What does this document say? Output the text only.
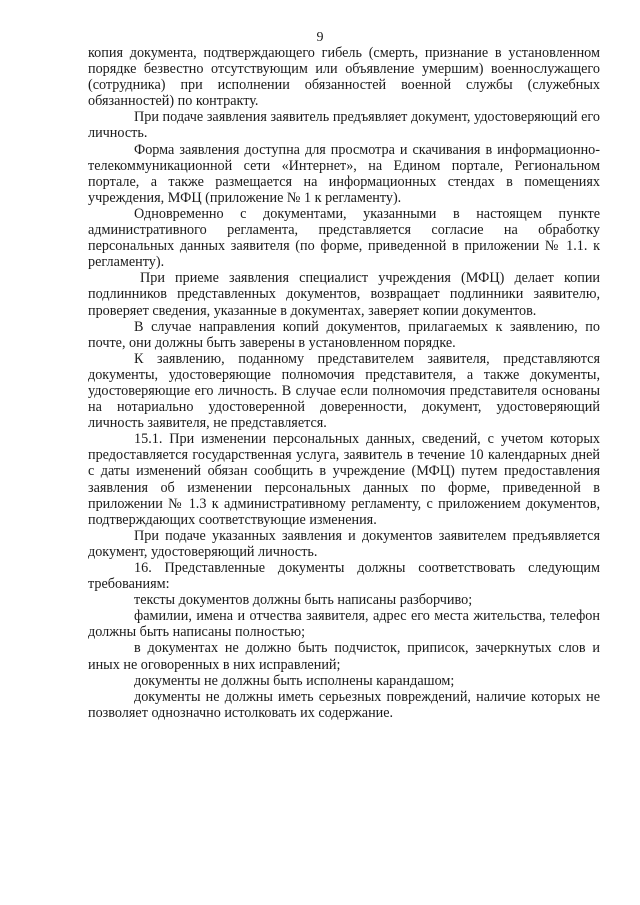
9

копия документа, подтверждающего гибель (смерть, признание в установленном порядке безвестно отсутствующим или объявление умершим) военнослужащего (сотрудника) при исполнении обязанностей военной службы (служебных обязанностей) по контракту.

При подаче заявления заявитель предъявляет документ, удостоверяющий его личность.

Форма заявления доступна для просмотра и скачивания в информационно-телекоммуникационной сети «Интернет», на Едином портале, Региональном портале, а также размещается на информационных стендах в помещениях учреждения, МФЦ (приложение № 1 к регламенту).

Одновременно с документами, указанными в настоящем пункте административного регламента, представляется согласие на обработку персональных данных заявителя (по форме, приведенной в приложении № 1.1. к регламенту).

При приеме заявления специалист учреждения (МФЦ) делает копии подлинников представленных документов, возвращает подлинники заявителю, проверяет сведения, указанные в документах, заверяет копии документов.

В случае направления копий документов, прилагаемых к заявлению, по почте, они должны быть заверены в установленном порядке.

К заявлению, поданному представителем заявителя, представляются документы, удостоверяющие полномочия представителя, а также документы, удостоверяющие его личность. В случае если полномочия представителя основаны на нотариально удостоверенной доверенности, документ, удостоверяющий личность заявителя, не представляется.

15.1. При изменении персональных данных, сведений, с учетом которых предоставляется государственная услуга, заявитель в течение 10 календарных дней с даты изменений обязан сообщить в учреждение (МФЦ) путем предоставления заявления об изменении персональных данных по форме, приведенной в приложении № 1.3 к административному регламенту, с приложением документов, подтверждающих соответствующие изменения.

При подаче указанных заявления и документов заявителем предъявляется документ, удостоверяющий личность.

16. Представленные документы должны соответствовать следующим требованиям:

тексты документов должны быть написаны разборчиво;

фамилии, имена и отчества заявителя, адрес его места жительства, телефон должны быть написаны полностью;

в документах не должно быть подчисток, приписок, зачеркнутых слов и иных не оговоренных в них исправлений;

документы не должны быть исполнены карандашом;

документы не должны иметь серьезных повреждений, наличие которых не позволяет однозначно истолковать их содержание.
